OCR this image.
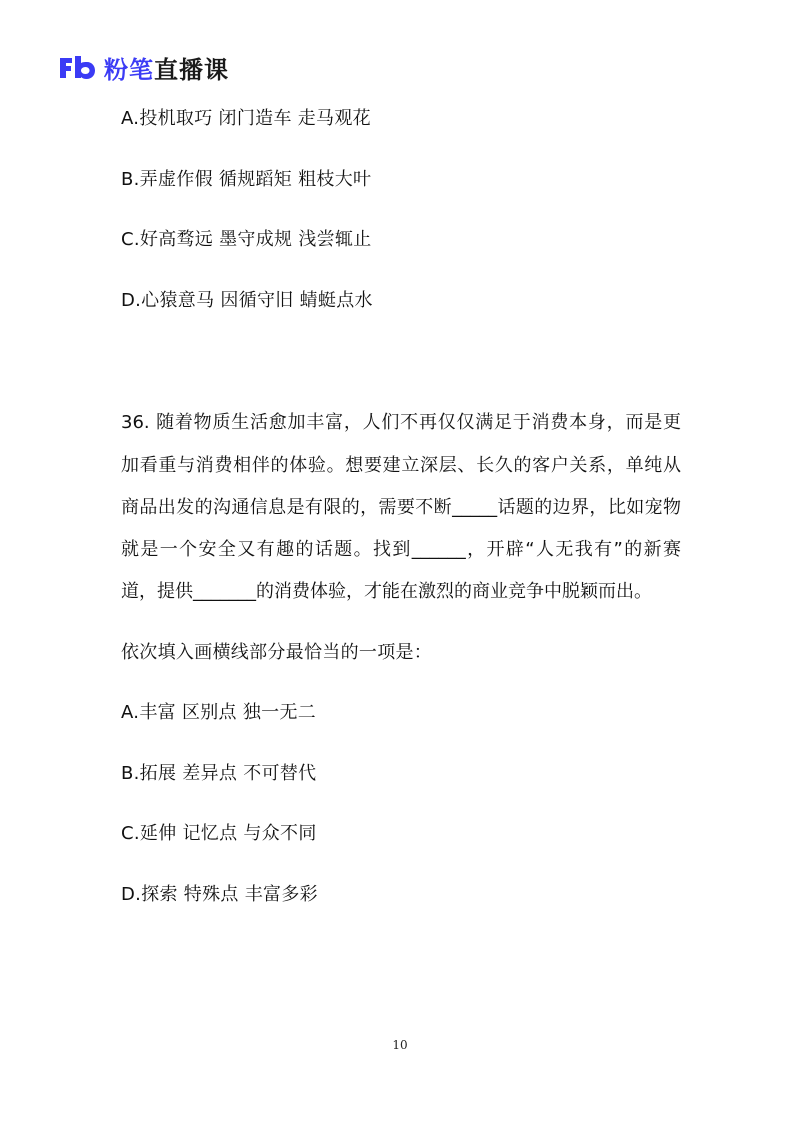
粉笔直播课
A.投机取巧 闭门造车 走马观花
B.弄虚作假 循规蹈矩 粗枝大叶
C.好高骛远 墨守成规 浅尝辄止
D.心猿意马 因循守旧 蜻蜓点水
36. 随着物质生活愈加丰富，人们不再仅仅满足于消费本身，而是更
加看重与消费相伴的体验。想要建立深层、长久的客户关系，单纯从
商品出发的沟通信息是有限的，需要不断_____话题的边界，比如宠物
就是一个安全又有趣的话题。找到______，开辟“人无我有”的新赛
道，提供_______的消费体验，才能在激烈的商业竞争中脱颖而出。
依次填入画横线部分最恰当的一项是：
A.丰富 区别点 独一无二
B.拓展 差异点 不可替代
C.延伸 记忆点 与众不同
D.探索 特殊点 丰富多彩
10
